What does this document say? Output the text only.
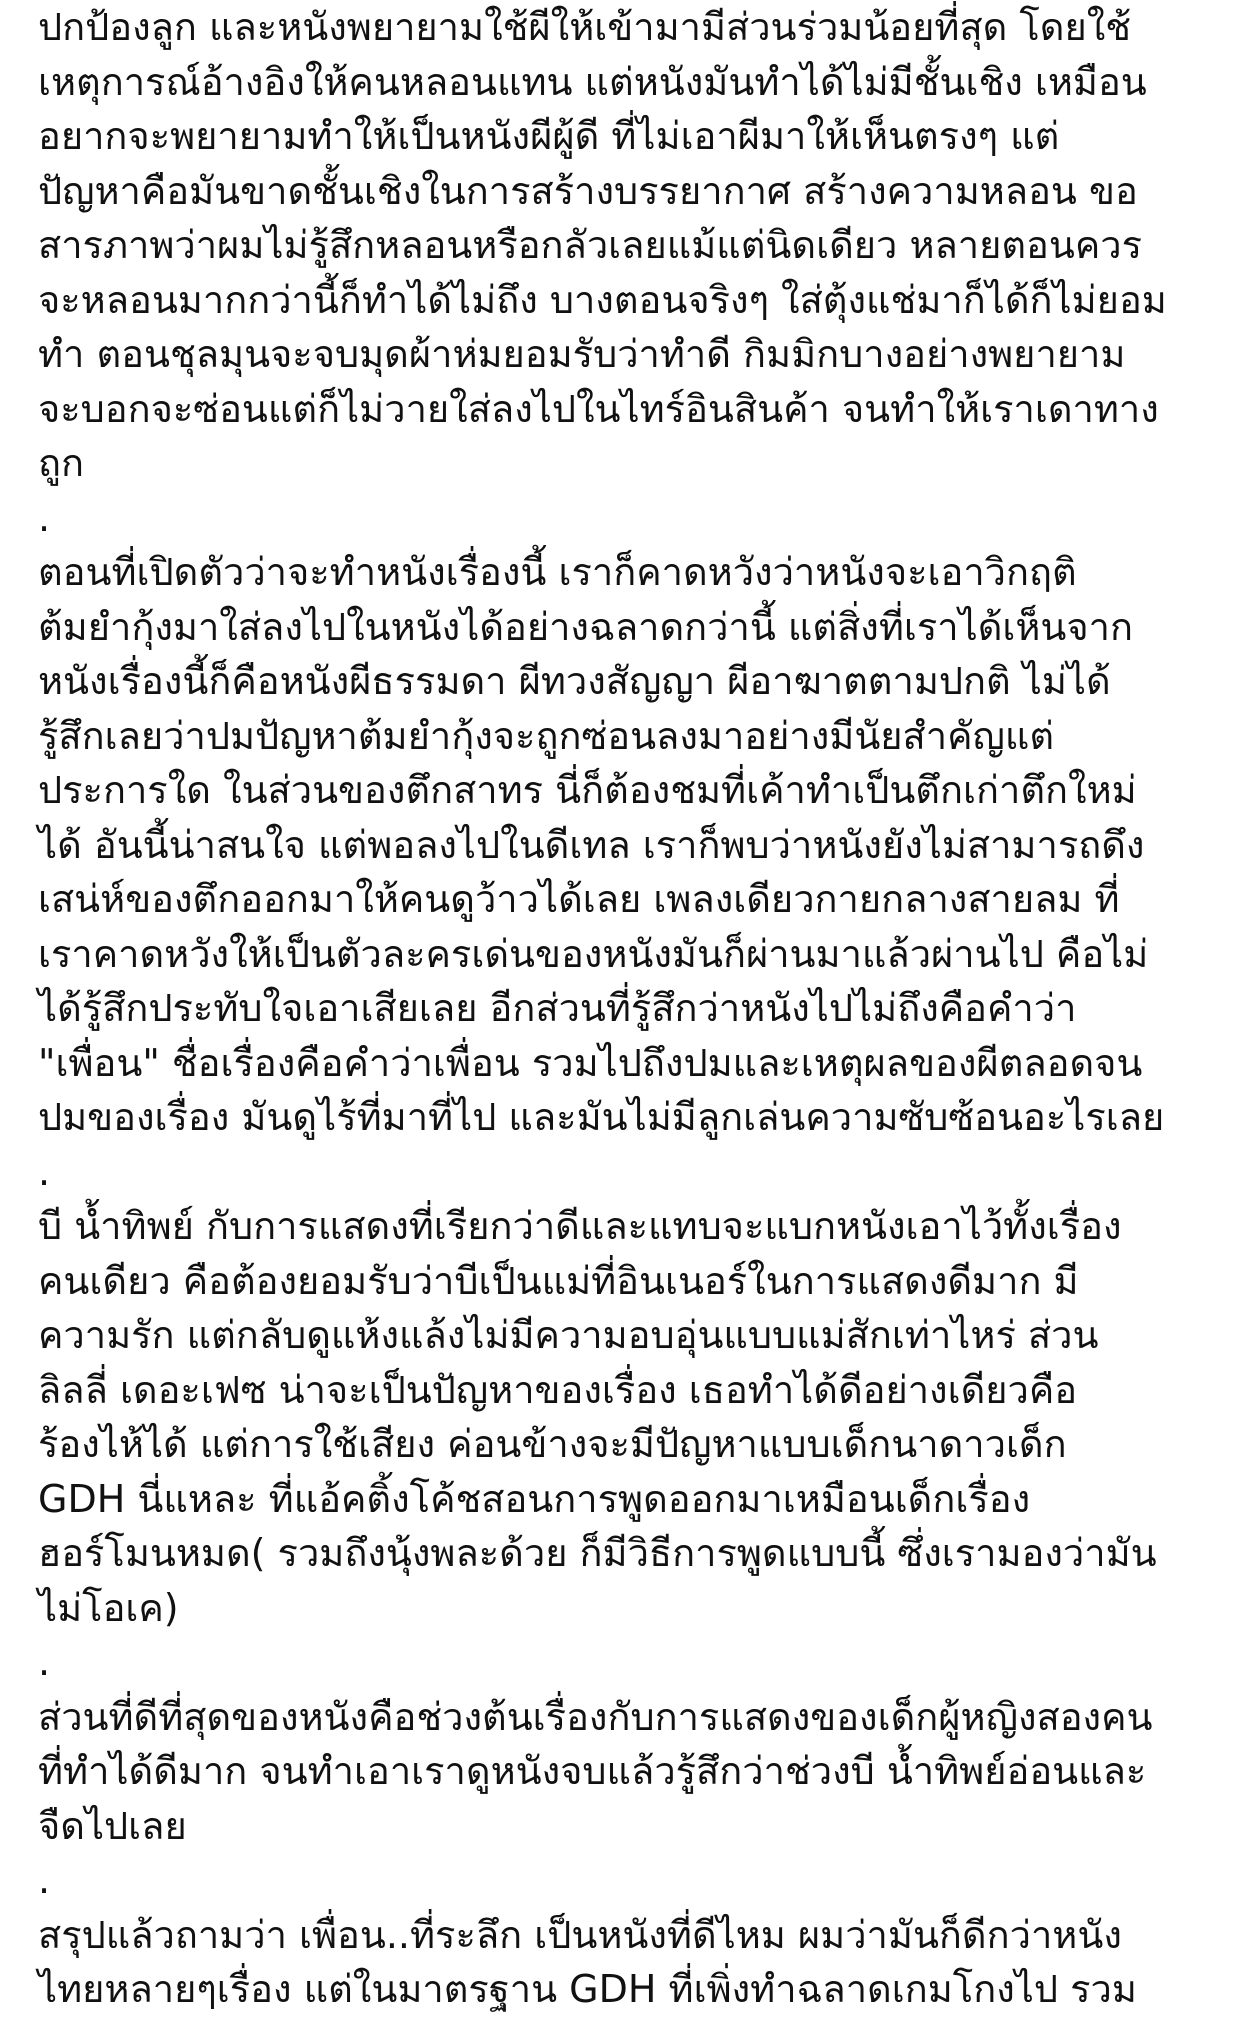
ปกป้องลูก และหนังพยายามใช้ผีให้เข้ามามีส่วนร่วมน้อยที่สุด โดยใช้
เหตุการณ์อ้างอิงให้คนหลอนแทน แต่หนังมันทำได้ไม่มีชั้นเชิง เหมือน
อยากจะพยายามทำให้เป็นหนังผีผู้ดี ที่ไม่เอาผีมาให้เห็นตรงๆ แต่
ปัญหาคือมันขาดชั้นเชิงในการสร้างบรรยากาศ สร้างความหลอน ขอ
สารภาพว่าผมไม่รู้สึกหลอนหรือกลัวเลยแม้แต่นิดเดียว หลายตอนควร
จะหลอนมากกว่านี้ก็ทำได้ไม่ถึง บางตอนจริงๆ ใส่ตุ้งแช่มาก็ได้ก็ไม่ยอม
ทำ ตอนชุลมุนจะจบมุดผ้าห่มยอมรับว่าทำดี กิมมิกบางอย่างพยายาม
จะบอกจะซ่อนแต่ก็ไม่วายใส่ลงไปในไทร์อินสินค้า จนทำให้เราเดาทาง
ถูก
.
ตอนที่เปิดตัวว่าจะทำหนังเรื่องนี้ เราก็คาดหวังว่าหนังจะเอาวิกฤติ
ต้มยำกุ้งมาใส่ลงไปในหนังได้อย่างฉลาดกว่านี้ แต่สิ่งที่เราได้เห็นจาก
หนังเรื่องนี้ก็คือหนังผีธรรมดา ผีทวงสัญญา ผีอาฆาตตามปกติ ไม่ได้
รู้สึกเลยว่าปมปัญหาต้มยำกุ้งจะถูกซ่อนลงมาอย่างมีนัยสำคัญแต่
ประการใด ในส่วนของตึกสาทร นี่ก็ต้องชมที่เค้าทำเป็นตึกเก่าตึกใหม่
ได้ อันนี้น่าสนใจ แต่พอลงไปในดีเทล เราก็พบว่าหนังยังไม่สามารถดึง
เสน่ห์ของตึกออกมาให้คนดูว้าวได้เลย เพลงเดียวกายกลางสายลม ที่
เราคาดหวังให้เป็นตัวละครเด่นของหนังมันก็ผ่านมาแล้วผ่านไป คือไม่
ได้รู้สึกประทับใจเอาเสียเลย อีกส่วนที่รู้สึกว่าหนังไปไม่ถึงคือคำว่า
"เพื่อน" ชื่อเรื่องคือคำว่าเพื่อน รวมไปถึงปมและเหตุผลของผีตลอดจน
ปมของเรื่อง มันดูไร้ที่มาที่ไป และมันไม่มีลูกเล่นความซับซ้อนอะไรเลย
.
บี น้ำทิพย์ กับการแสดงที่เรียกว่าดีและแทบจะแบกหนังเอาไว้ทั้งเรื่อง
คนเดียว คือต้องยอมรับว่าบีเป็นแม่ที่อินเนอร์ในการแสดงดีมาก มี
ความรัก แต่กลับดูแห้งแล้งไม่มีความอบอุ่นแบบแม่สักเท่าไหร่ ส่วน
ลิลลี่ เดอะเฟซ น่าจะเป็นปัญหาของเรื่อง เธอทำได้ดีอย่างเดียวคือ
ร้องไห้ได้ แต่การใช้เสียง ค่อนข้างจะมีปัญหาแบบเด็กนาดาวเด็ก
GDH นี่แหละ ที่แอ้คติ้งโค้ชสอนการพูดออกมาเหมือนเด็กเรื่อง
ฮอร์โมนหมด( รวมถึงนุ้งพละด้วย ก็มีวิธีการพูดแบบนี้ ซึ่งเรามองว่ามัน
ไม่โอเค)
.
ส่วนที่ดีที่สุดของหนังคือช่วงต้นเรื่องกับการแสดงของเด็กผู้หญิงสองคน
ที่ทำได้ดีมาก จนทำเอาเราดูหนังจบแล้วรู้สึกว่าช่วงบี น้ำทิพย์อ่อนและ
จืดไปเลย
.
สรุปแล้วถามว่า เพื่อน..ที่ระลึก เป็นหนังที่ดีไหม ผมว่ามันก็ดีกว่าหนัง
ไทยหลายๆเรื่อง แต่ในมาตรฐาน GDH ที่เพิ่งทำฉลาดเกมโกงไป รวม
